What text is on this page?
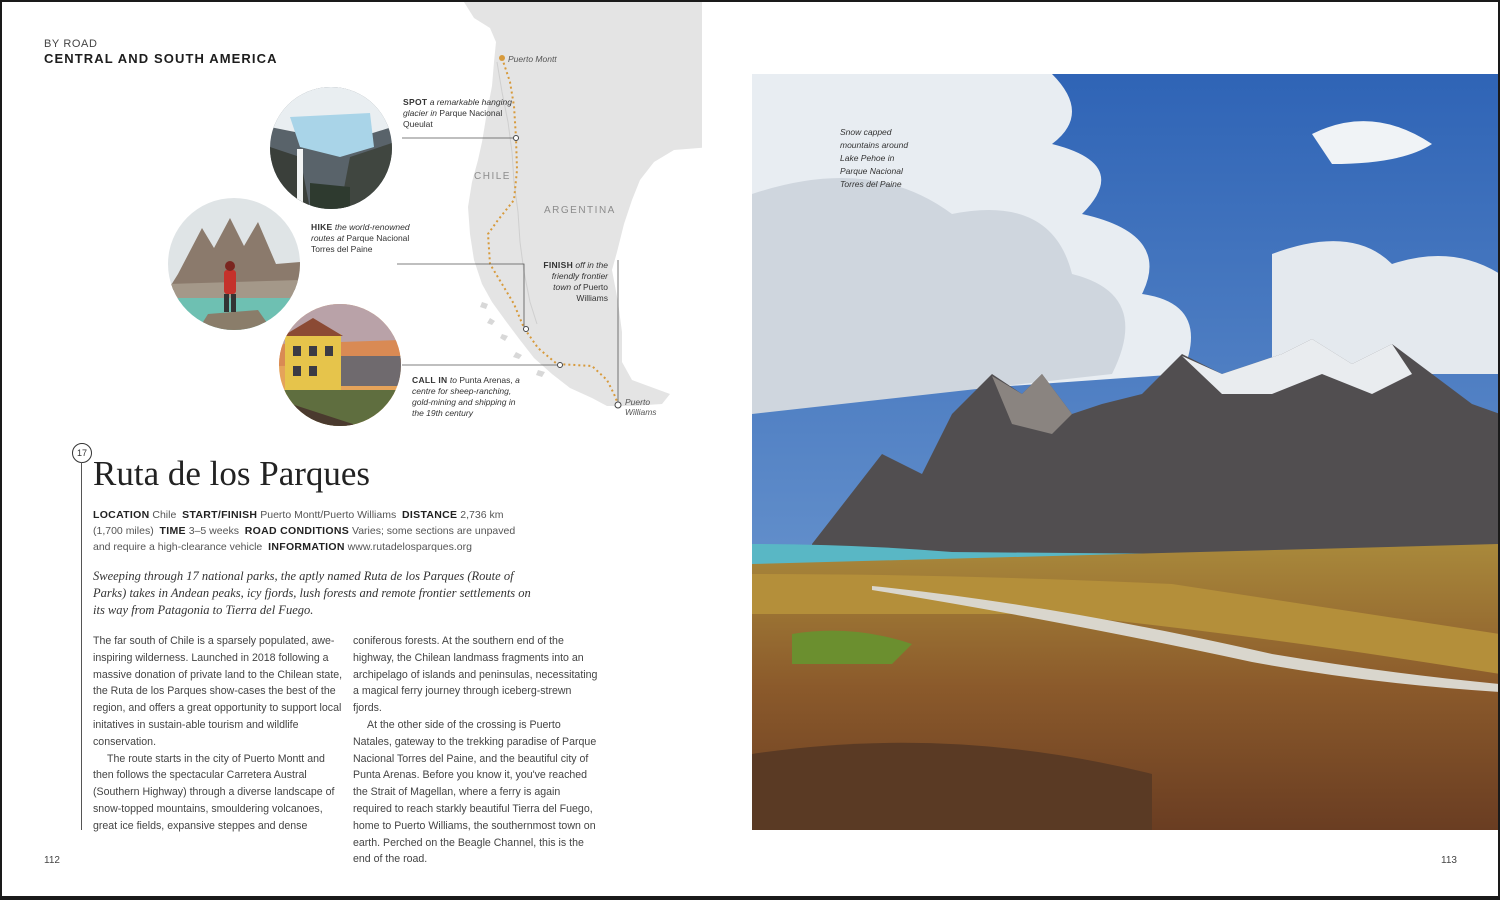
BY ROAD
CENTRAL AND SOUTH AMERICA	Puerto Montt
CHILE
ARGENTINA
Puerto Williams
SPOT a remarkable hanging glacier in Parque Nacional Queulat
HIKE the world-renowned routes at Parque Nacional Torres del Paine
FINISH off in the
friendly frontier
town of Puerto
Williams
CALL IN to Punta Arenas, a centre for sheep-ranching, gold-mining and shipping in the 19th century
17
Ruta de los Parques
LOCATION Chile START/FINISH Puerto Montt/Puerto Williams DISTANCE 2,736 km (1,700 miles) TIME 3–5 weeks ROAD CONDITIONS Varies; some sections are unpaved and require a high-clearance vehicle INFORMATION www.rutadelosparques.org
Sweeping through 17 national parks, the aptly named Ruta de los Parques (Route of Parks) takes in Andean peaks, icy fjords, lush forests and remote frontier settlements on its way from Patagonia to Tierra del Fuego.

The far south of Chile is a sparsely populated, awe-inspiring wilderness. Launched in 2018 following a massive donation of private land to the Chilean state, the Ruta de los Parques show-cases the best of the region, and offers a great opportunity to support local initatives in sustain-able tourism and wildlife conservation.

The route starts in the city of Puerto Montt and then follows the spectacular Carretera Austral (Southern Highway) through a diverse landscape of snow-topped mountains, smouldering volcanoes, great ice fields, expansive steppes and dense

coniferous forests. At the southern end of the highway, the Chilean landmass fragments into an archipelago of islands and peninsulas, necessitating a magical ferry journey through iceberg-strewn fjords.

At the other side of the crossing is Puerto Natales, gateway to the trekking paradise of Parque Nacional Torres del Paine, and the beautiful city of Punta Arenas. Before you know it, you've reached the Strait of Magellan, where a ferry is again required to reach starkly beautiful Tierra del Fuego, home to Puerto Williams, the southernmost town on earth. Perched on the Beagle Channel, this is the end of the road.

Snow capped
mountains around
Lake Pehoe in
Parque Nacional
Torres del Paine
112	113
